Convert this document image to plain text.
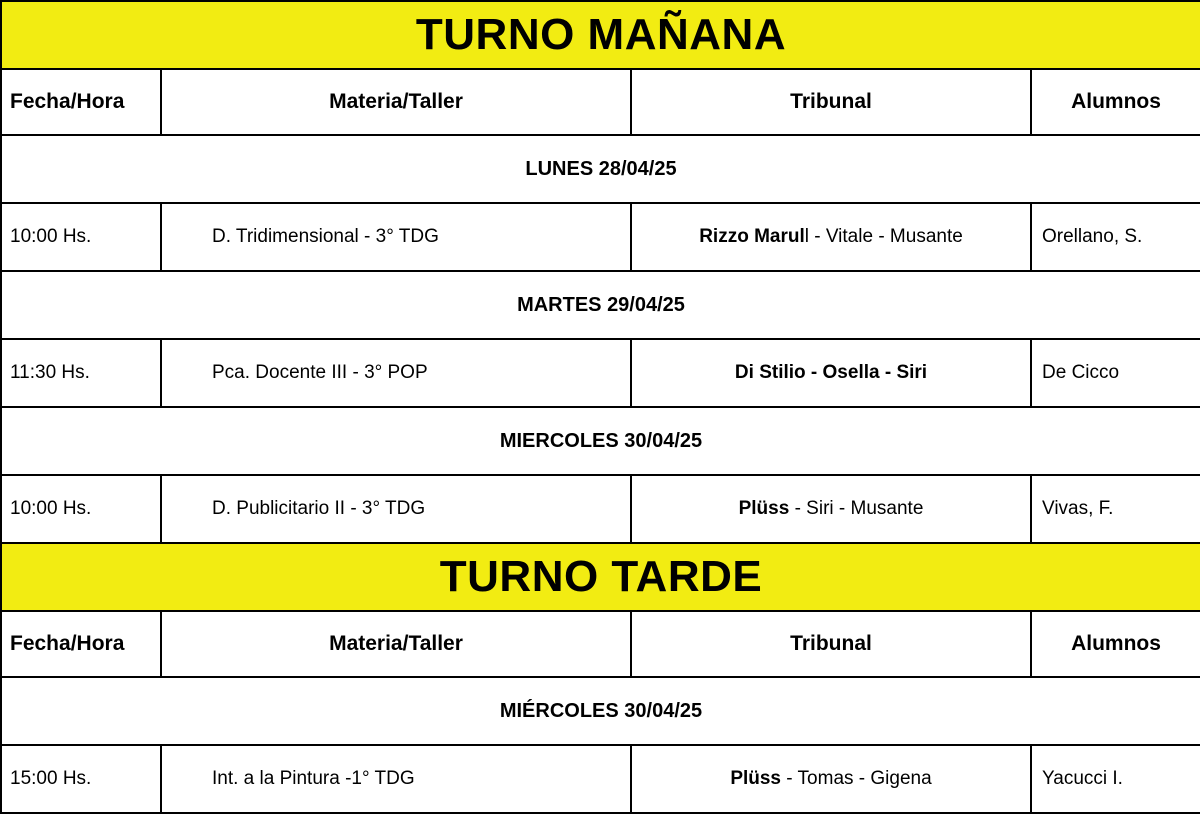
TURNO MAÑANA			
Fecha/Hora	Materia/Taller	Tribunal	Alumnos
LUNES 28/04/25			
10:00 Hs.	D. Tridimensional - 3° TDG	Rizzo Marull - Vitale - Musante	Orellano, S.
MARTES 29/04/25			
11:30 Hs.	Pca. Docente III - 3° POP	Di Stilio - Osella - Siri	De Cicco
MIERCOLES 30/04/25			
10:00 Hs.	D. Publicitario II - 3° TDG	Plüss - Siri - Musante	Vivas, F.
TURNO TARDE			
Fecha/Hora	Materia/Taller	Tribunal	Alumnos
MIÉRCOLES 30/04/25			
15:00 Hs.	Int. a la Pintura -1° TDG	Plüss - Tomas - Gigena	Yacucci I.
